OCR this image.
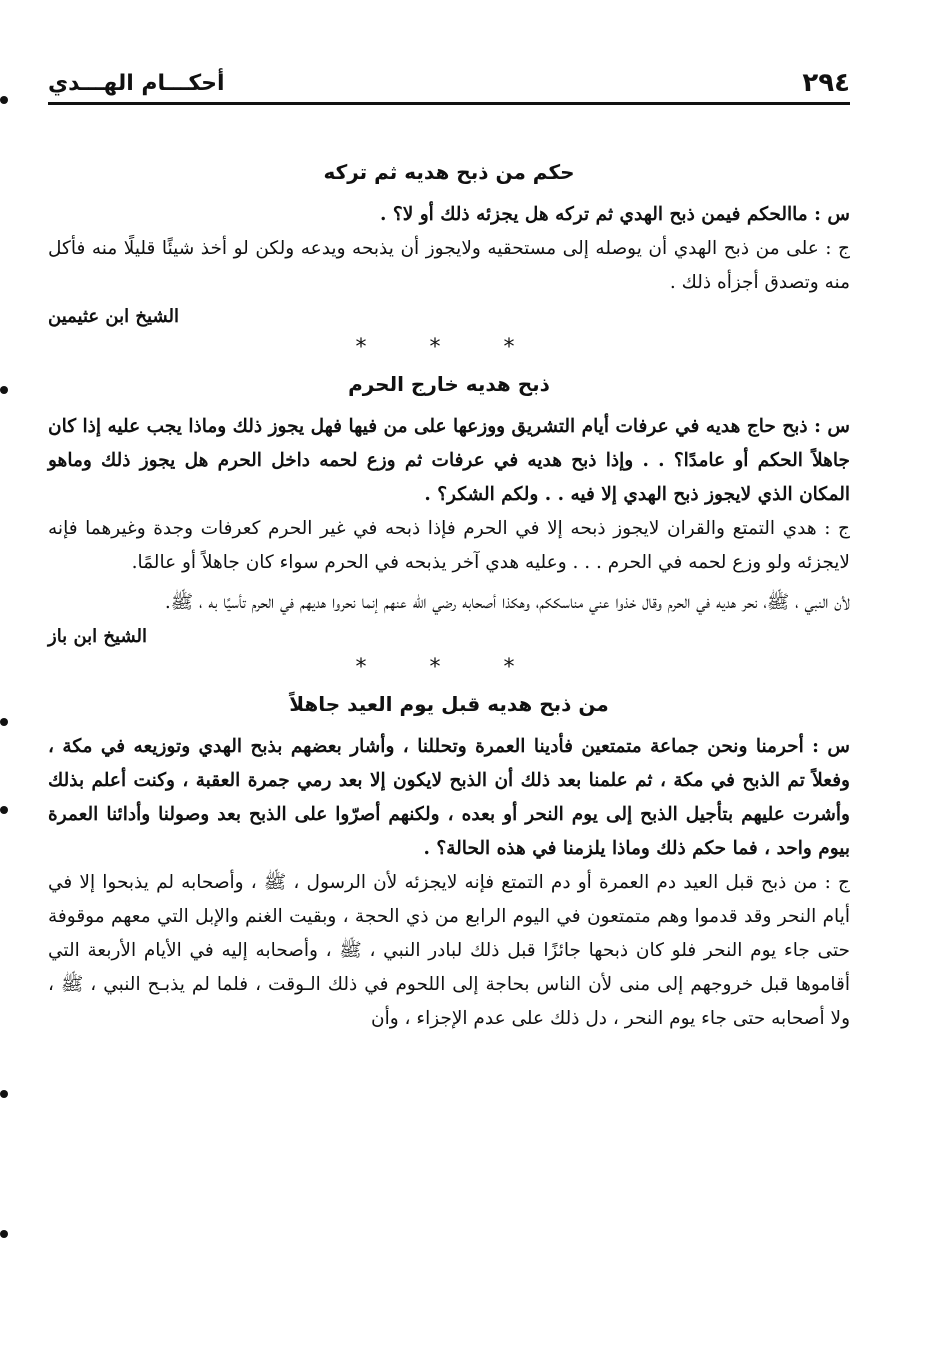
٢٩٤
أحكـــام الهـــدي
حكم من ذبح هديه ثم تركه

س : ماالحكم فيمن ذبح الهدي ثم تركه هل يجزئه ذلك أو لا؟ .

ج : على من ذبح الهدي أن يوصله إلى مستحقيه ولايجوز أن يذبحه ويدعه ولكن لو أخذ شيئًا قليلًا منه فأكل منه وتصدق أجزأه ذلك .

الشيخ ابن عثيمين
* * *
ذبح هديه خارج الحرم

س : ذبح حاج هديه في عرفات أيام التشريق ووزعها على من فيها فهل يجوز ذلك وماذا يجب عليه إذا كان جاهلاً الحكم أو عامدًا؟ . . وإذا ذبح هديه في عرفات ثم وزع لحمه داخل الحرم هل يجوز ذلك وماهو المكان الذي لايجوز ذبح الهدي إلا فيه . . ولكم الشكر؟ .

ج : هدي التمتع والقران لايجوز ذبحه إلا في الحرم فإذا ذبحه في غير الحرم كعرفات وجدة وغيرهما فإنه لايجزئه ولو وزع لحمه في الحرم . . . وعليه هدي آخر يذبحه في الحرم سواء كان جاهلاً أو عالمًا.

لأن النبي ، ﷺ، نحر هديه في الحرم وقال خذوا عني مناسككم، وهكذا أصحابه رضي الله عنهم إنما نحروا هديهم في الحرم تأسيًا به ، ﷺ.

الشيخ ابن باز
* * *
من ذبح هديه قبل يوم العيد جاهلاً

س : أحرمنا ونحن جماعة متمتعين فأدينا العمرة وتحللنا ، وأشار بعضهم بذبح الهدي وتوزيعه في مكة ، وفعلاً تم الذبح في مكة ، ثم علمنا بعد ذلك أن الذبح لايكون إلا بعد رمي جمرة العقبة ، وكنت أعلم بذلك وأشرت عليهم بتأجيل الذبح إلى يوم النحر أو بعده ، ولكنهم أصرّوا على الذبح بعد وصولنا وأدائنا العمرة بيوم واحد ، فما حكم ذلك وماذا يلزمنا في هذه الحالة؟ .

ج : من ذبح قبل العيد دم العمرة أو دم التمتع فإنه لايجزئه لأن الرسول ، ﷺ ، وأصحابه لم يذبحوا إلا في أيام النحر وقد قدموا وهم متمتعون في اليوم الرابع من ذي الحجة ، وبقيت الغنم والإبل التي معهم موقوفة حتى جاء يوم النحر فلو كان ذبحها جائزًا قبل ذلك لبادر النبي ، ﷺ ، وأصحابه إليه في الأيام الأربعة التي أقاموها قبل خروجهم إلى منى لأن الناس بحاجة إلى اللحوم في ذلك الـوقت ، فلما لم يذبـح النبي ، ﷺ ، ولا أصحابه حتى جاء يوم النحر ، دل ذلك على عدم الإجزاء ، وأن
